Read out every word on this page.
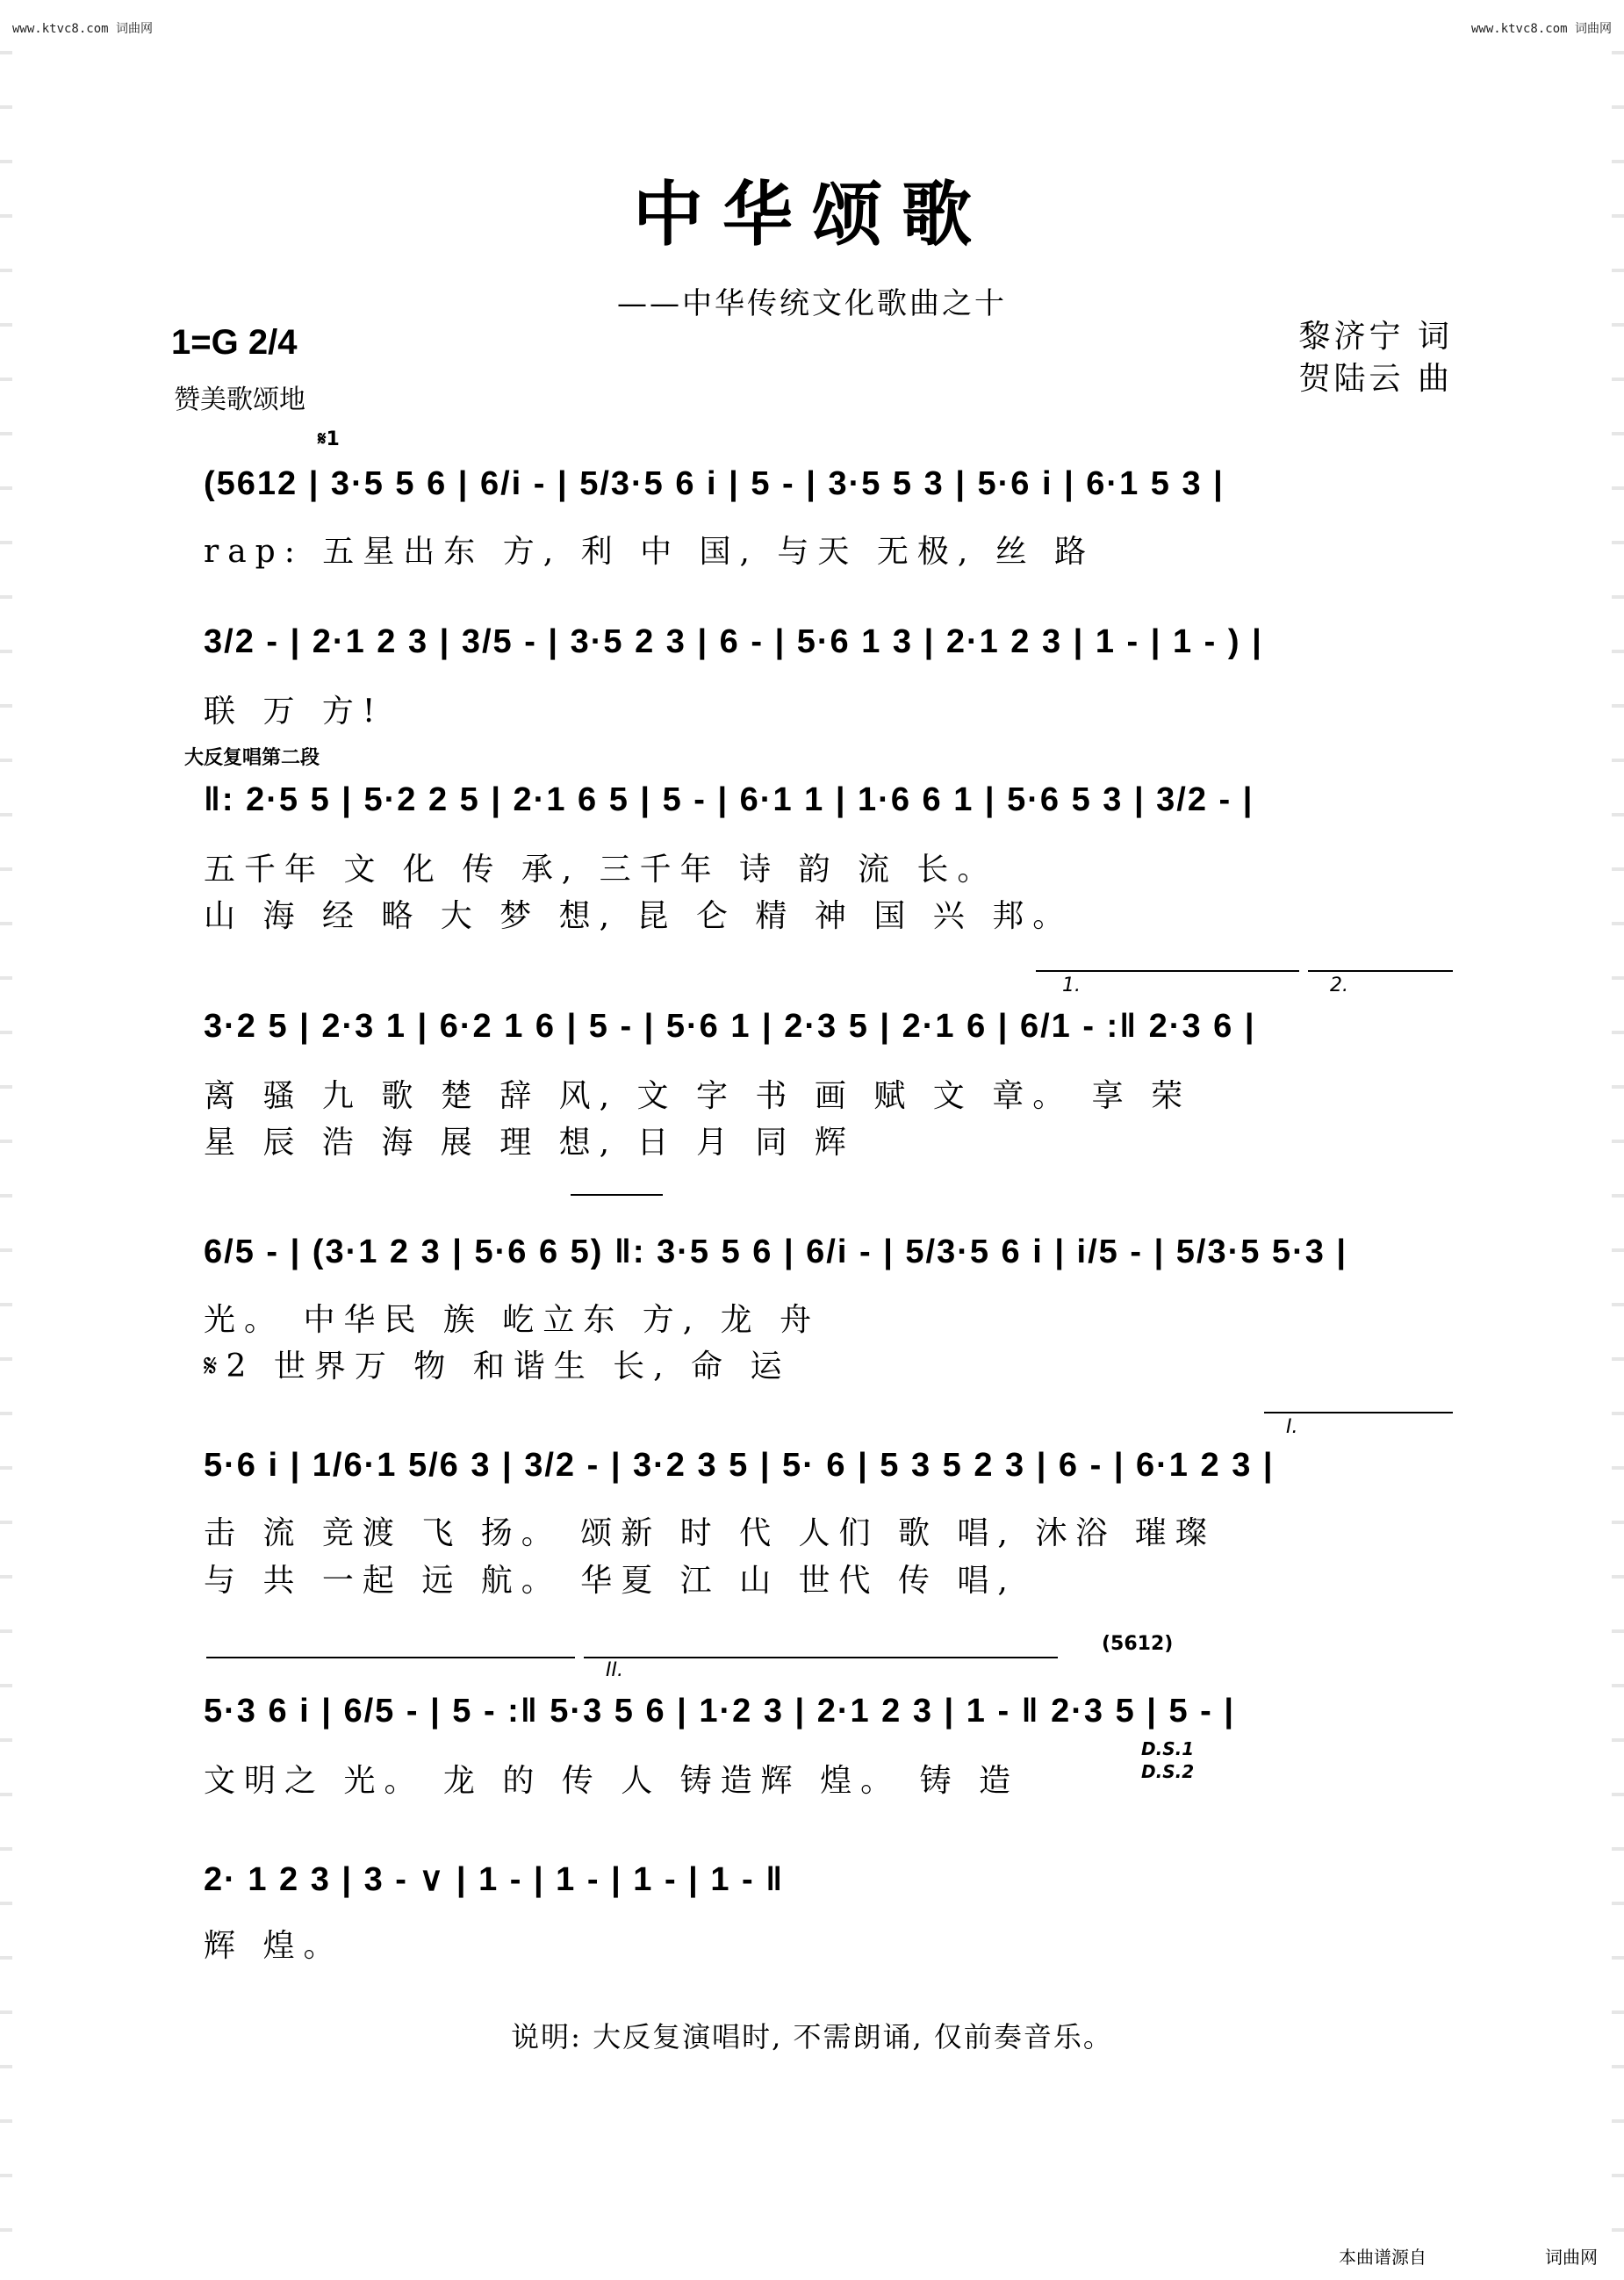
www.ktvc8.com 词曲网	www.ktvc8.com 词曲网
中华颂歌
——中华传统文化歌曲之十
黎济宁 词
贺陆云 曲
1=G 2/4
赞美歌颂地
𝄋1
(5612 | 3·5 5 6 | 6/i - | 5/3·5 6 i | 5 - | 3·5 5 3 | 5·6 i | 6·1 5 3 |
rap: 五星出东 方, 利 中 国, 与天 无极, 丝 路
3/2 - | 2·1 2 3 | 3/5 - | 3·5 2 3 | 6 - | 5·6 1 3 | 2·1 2 3 | 1 - | 1 - ) |
联 万 方!
大反复唱第二段
‖: 2·5 5 | 5·2 2 5 | 2·1 6 5 | 5 - | 6·1 1 | 1·6 6 1 | 5·6 5 3 | 3/2 - |
五千年 文 化 传 承, 三千年 诗 韵 流 长。
山 海 经 略 大 梦 想, 昆 仑 精 神 国 兴 邦。
1.	2.
3·2 5 | 2·3 1 | 6·2 1 6 | 5 - | 5·6 1 | 2·3 5 | 2·1 6 | 6/1 - :‖ 2·3 6 |
离 骚 九 歌 楚 辞 风, 文 字 书 画 赋 文 章。 享 荣
星 辰 浩 海 展 理 想, 日 月 同 辉
6/5 - | (3·1 2 3 | 5·6 6 5) ‖: 3·5 5 6 | 6/i - | 5/3·5 6 i | i/5 - | 5/3·5 5·3 |
光。 中华民 族 屹立东 方, 龙 舟
𝄋2 世界万 物 和谐生 长, 命 运
I.
5·6 i | 1/6·1 5/6 3 | 3/2 - | 3·2 3 5 | 5· 6 | 5 3 5 2 3 | 6 - | 6·1 2 3 |
击 流 竞渡 飞 扬。 颂新 时 代 人们 歌 唱, 沐浴 璀璨
与 共 一起 远 航。 华夏 江 山 世代 传 唱,
II.
(5612)
5·3 6 i | 6/5 - | 5 - :‖ 5·3 5 6 | 1·2 3 | 2·1 2 3 | 1 - ‖ 2·3 5 | 5 - |
文明之 光。 龙 的 传 人 铸造辉 煌。 铸 造
D.S.1
D.S.2
2· 1 2 3 | 3 - ∨ | 1 - | 1 - | 1 - | 1 - ‖
辉 煌。
说明: 大反复演唱时, 不需朗诵, 仅前奏音乐。
本曲谱源自	词曲网
